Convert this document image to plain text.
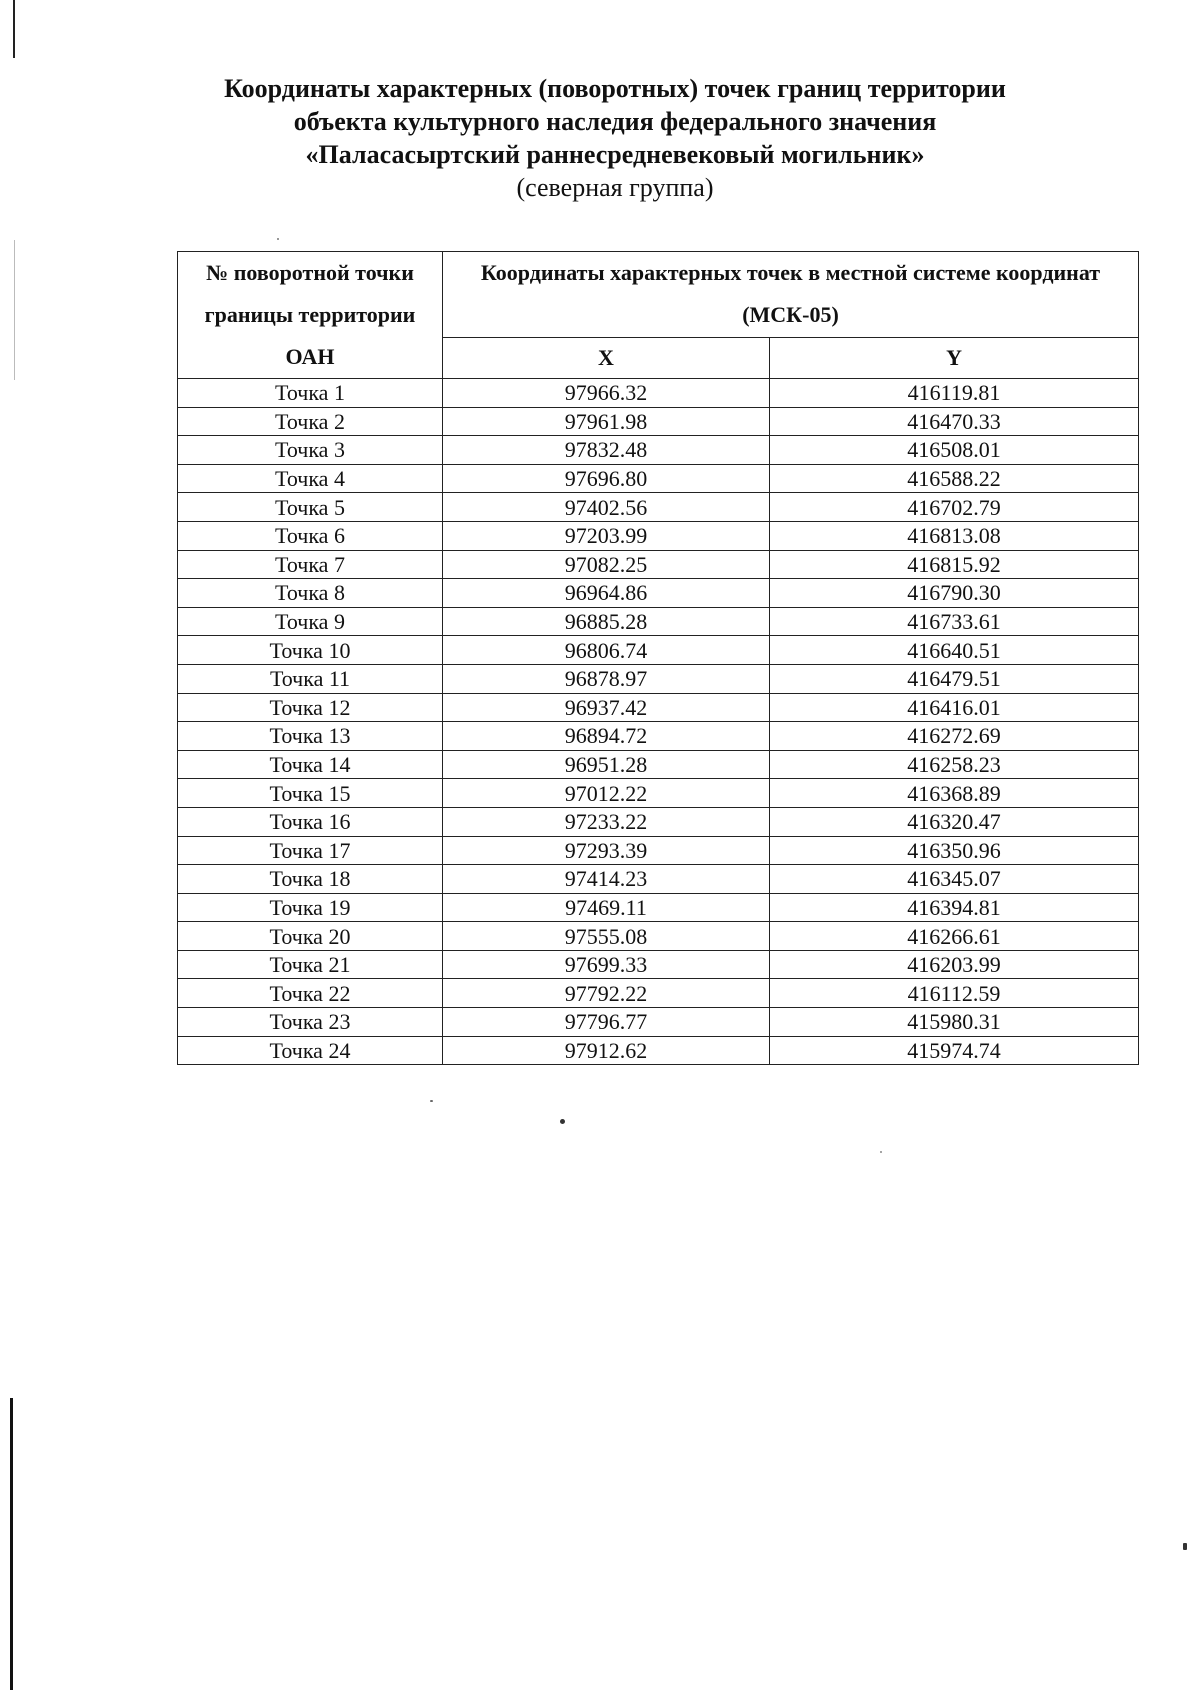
Координаты характерных (поворотных) точек границ территории
объекта культурного наследия федерального значения
«Паласасыртский раннесредневековый могильник»
(северная группа)
№ поворотной точки границы территории ОАН	Координаты характерных точек в местной системе координат (МСК-05)	
	X	Y
Точка 1	97966.32	416119.81
Точка 2	97961.98	416470.33
Точка 3	97832.48	416508.01
Точка 4	97696.80	416588.22
Точка 5	97402.56	416702.79
Точка 6	97203.99	416813.08
Точка 7	97082.25	416815.92
Точка 8	96964.86	416790.30
Точка 9	96885.28	416733.61
Точка 10	96806.74	416640.51
Точка 11	96878.97	416479.51
Точка 12	96937.42	416416.01
Точка 13	96894.72	416272.69
Точка 14	96951.28	416258.23
Точка 15	97012.22	416368.89
Точка 16	97233.22	416320.47
Точка 17	97293.39	416350.96
Точка 18	97414.23	416345.07
Точка 19	97469.11	416394.81
Точка 20	97555.08	416266.61
Точка 21	97699.33	416203.99
Точка 22	97792.22	416112.59
Точка 23	97796.77	415980.31
Точка 24	97912.62	415974.74
